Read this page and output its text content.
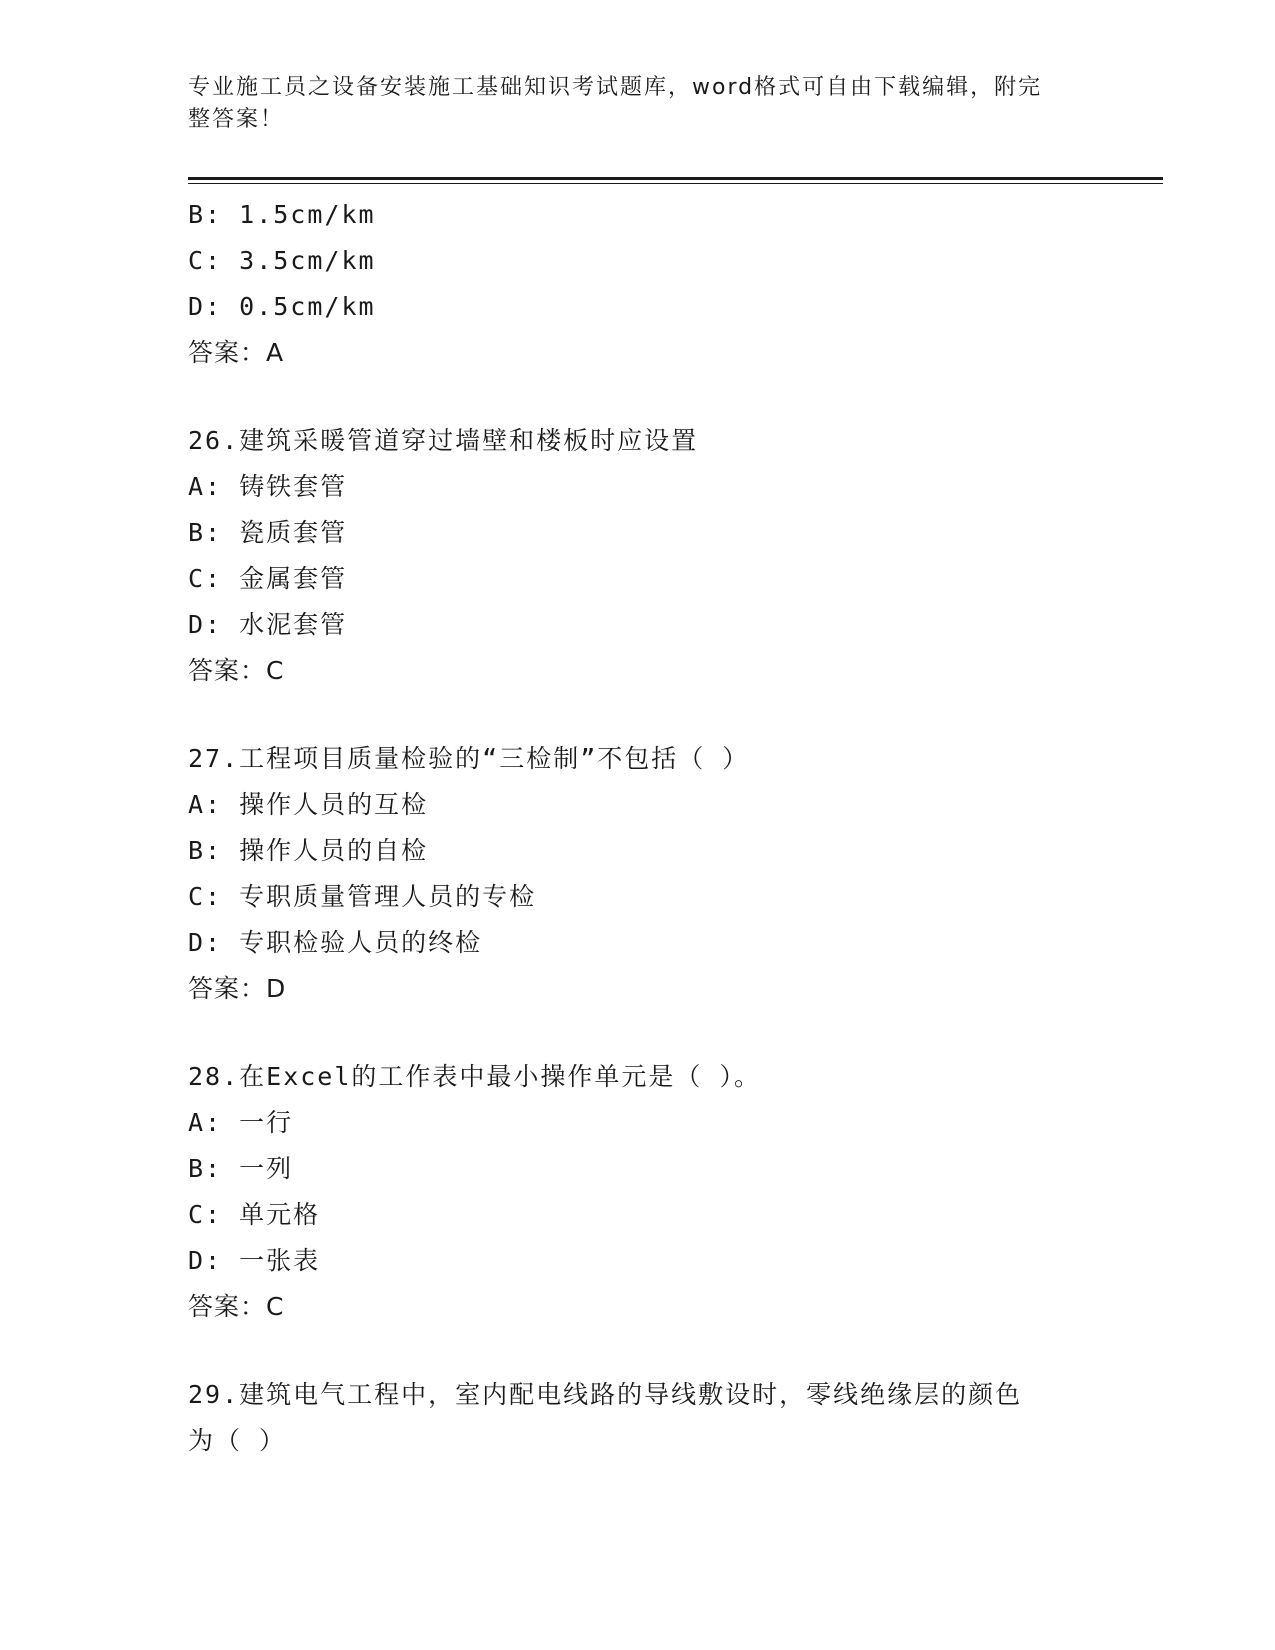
专业施工员之设备安装施工基础知识考试题库，word格式可自由下载编辑，附完
整答案！
B: 1.5cm/km
C: 3.5cm/km
D: 0.5cm/km
答案：A
26.建筑采暖管道穿过墙壁和楼板时应设置
A: 铸铁套管
B: 瓷质套管
C: 金属套管
D: 水泥套管
答案：C
27.工程项目质量检验的“三检制”不包括（ ）
A: 操作人员的互检
B: 操作人员的自检
C: 专职质量管理人员的专检
D: 专职检验人员的终检
答案：D
28.在Excel的工作表中最小操作单元是（ ）。
A: 一行
B: 一列
C: 单元格
D: 一张表
答案：C
29.建筑电气工程中，室内配电线路的导线敷设时，零线绝缘层的颜色
为（ ）
